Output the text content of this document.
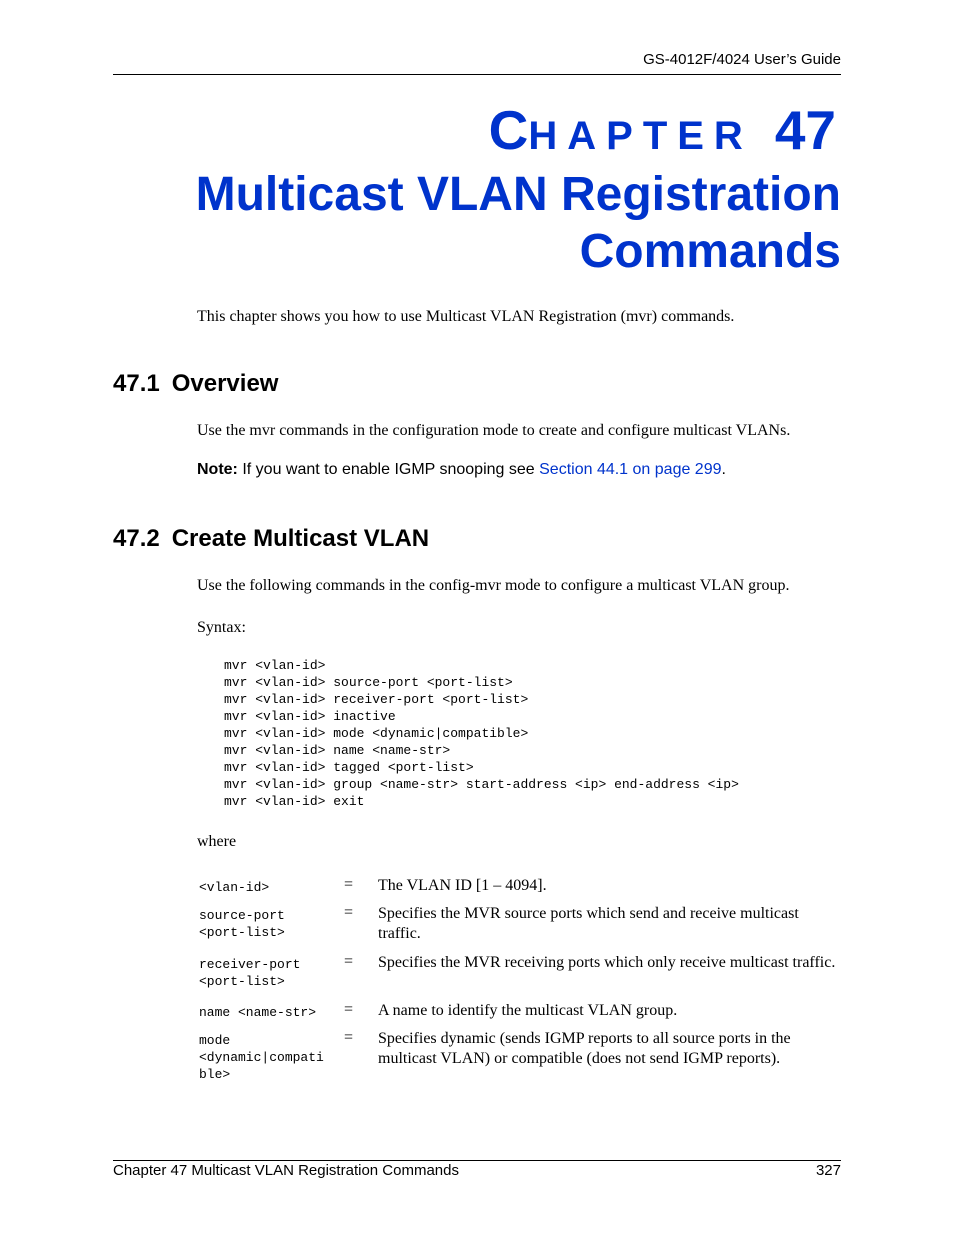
GS-4012F/4024 User’s Guide
CHAPTER 47
Multicast VLAN Registration
Commands
This chapter shows you how to use Multicast VLAN Registration (mvr) commands.
47.1 Overview
Use the mvr commands in the configuration mode to create and configure multicast VLANs.
Note: If you want to enable IGMP snooping see Section 44.1 on page 299.
47.2 Create Multicast VLAN
Use the following commands in the config-mvr mode to configure a multicast VLAN group.
Syntax:
mvr <vlan-id>
mvr <vlan-id> source-port <port-list>
mvr <vlan-id> receiver-port <port-list>
mvr <vlan-id> inactive
mvr <vlan-id> mode <dynamic|compatible>
mvr <vlan-id> name <name-str>
mvr <vlan-id> tagged <port-list>
mvr <vlan-id> group <name-str> start-address <ip> end-address <ip>
mvr <vlan-id> exit
where
<vlan-id>	= The VLAN ID [1 – 4094].
source-port
<port-list>
= Specifies the MVR source ports which send and receive multicast traffic.
receiver-port
<port-list>
= Specifies the MVR receiving ports which only receive multicast traffic.
name <name-str>	= A name to identify the multicast VLAN group.
mode
<dynamic|compati
ble>
= Specifies dynamic (sends IGMP reports to all source ports in the multicast VLAN) or compatible (does not send IGMP reports).
Chapter 47 Multicast VLAN Registration Commands	327
